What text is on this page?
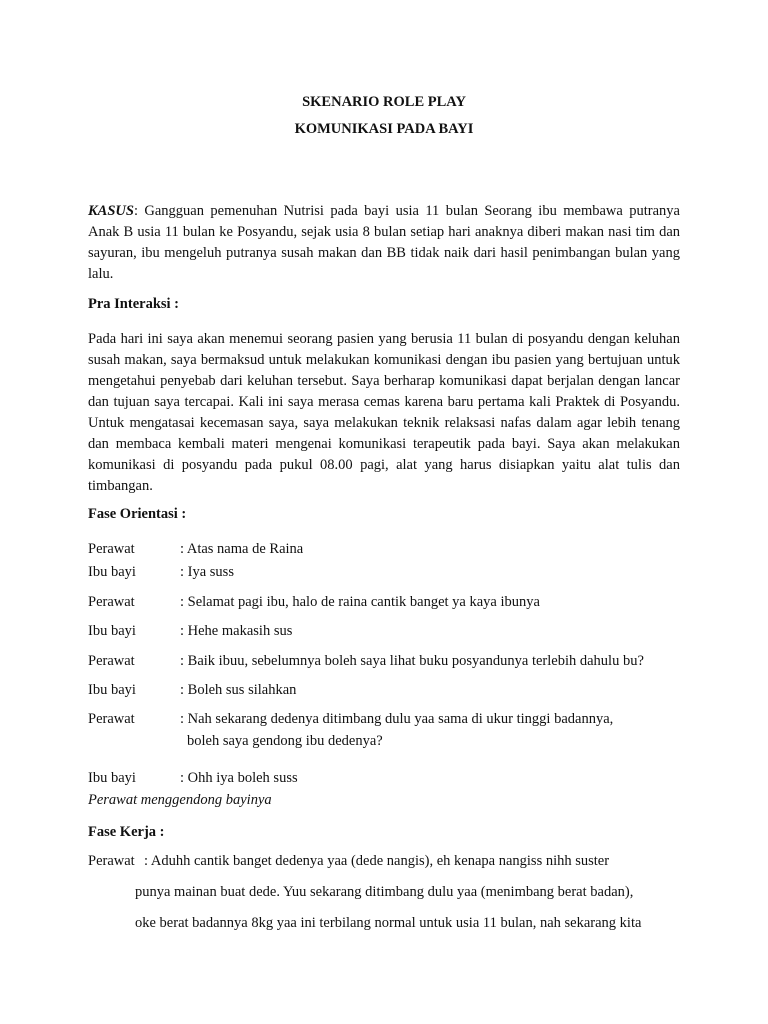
SKENARIO ROLE PLAY
KOMUNIKASI PADA BAYI
KASUS: Gangguan pemenuhan Nutrisi pada bayi usia 11 bulan Seorang ibu membawa putranya Anak B usia 11 bulan ke Posyandu, sejak usia 8 bulan setiap hari anaknya diberi makan nasi tim dan sayuran, ibu mengeluh putranya susah makan dan BB tidak naik dari hasil penimbangan bulan yang lalu.
Pra Interaksi :
Pada hari ini saya akan menemui seorang pasien yang berusia 11 bulan di posyandu dengan keluhan susah makan, saya bermaksud untuk melakukan komunikasi dengan ibu pasien yang bertujuan untuk mengetahui penyebab dari keluhan tersebut. Saya berharap komunikasi dapat berjalan dengan lancar dan tujuan saya tercapai. Kali ini saya merasa cemas karena baru pertama kali Praktek di Posyandu. Untuk mengatasai kecemasan saya, saya melakukan teknik relaksasi nafas dalam agar lebih tenang dan membaca kembali materi mengenai komunikasi terapeutik pada bayi. Saya akan melakukan komunikasi di posyandu pada pukul 08.00 pagi, alat yang harus disiapkan yaitu alat tulis dan timbangan.
Fase Orientasi :
Perawat	: Atas nama de Raina
Ibu bayi	: Iya suss
Perawat	: Selamat pagi ibu, halo de raina cantik banget ya kaya ibunya
Ibu bayi	: Hehe makasih sus
Perawat	: Baik ibuu, sebelumnya boleh saya lihat buku posyandunya terlebih dahulu bu?
Ibu bayi	: Boleh sus silahkan
Perawat	: Nah sekarang dedenya ditimbang dulu yaa sama di ukur tinggi badannya,
boleh saya gendong ibu dedenya?
Ibu bayi	: Ohh iya boleh suss
Perawat menggendong bayinya
Fase Kerja :
Perawat : Aduhh cantik banget dedenya yaa (dede nangis), eh kenapa nangiss nihh suster
punya mainan buat dede. Yuu sekarang ditimbang dulu yaa (menimbang berat badan),
oke berat badannya 8kg yaa ini terbilang normal untuk usia 11 bulan, nah sekarang kita
